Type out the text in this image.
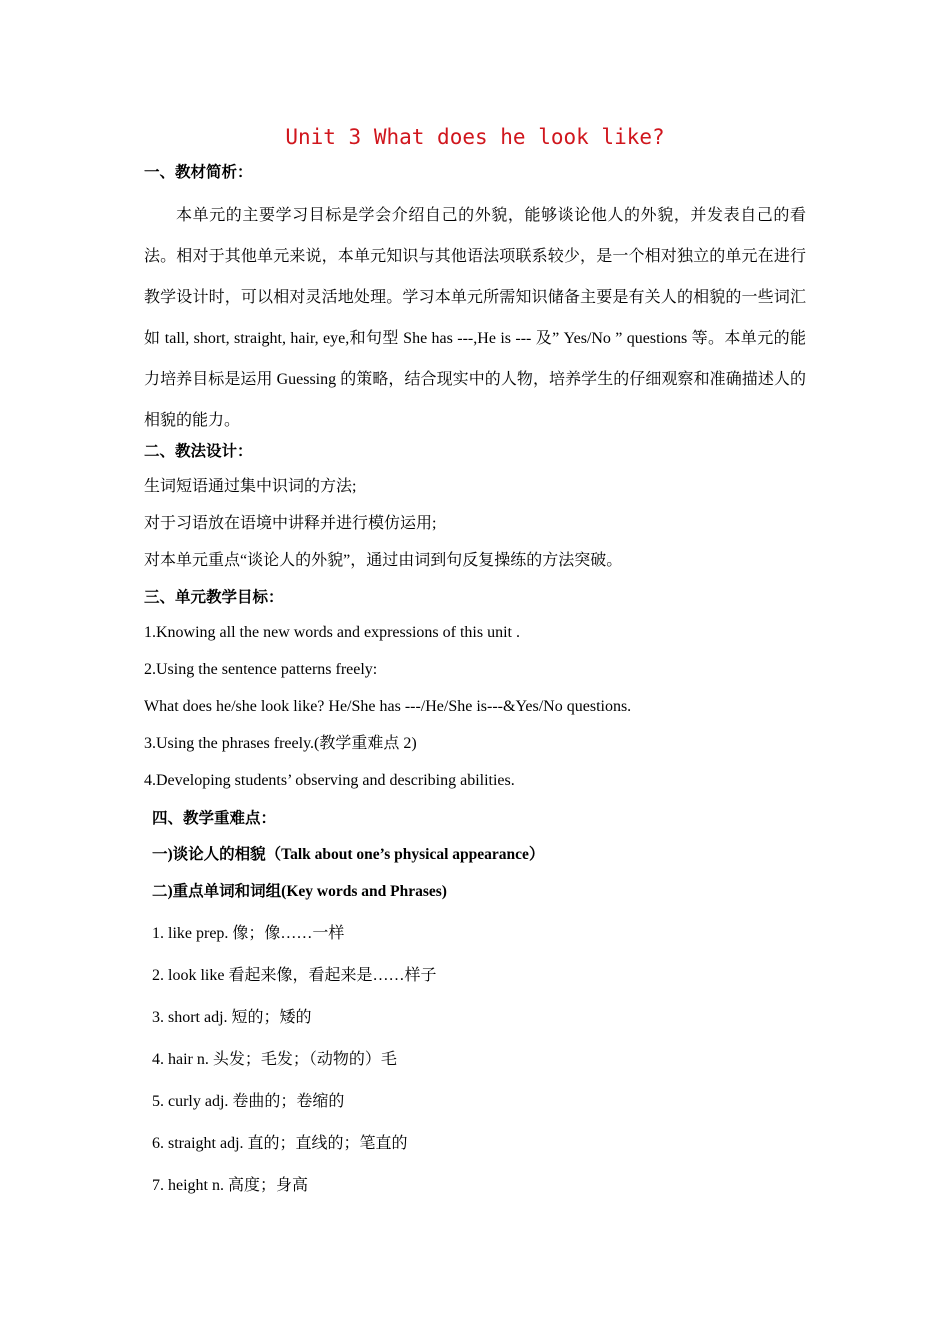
Unit 3 What does he look like?
一、教材简析：

本单元的主要学习目标是学会介绍自己的外貌，能够谈论他人的外貌，并发表自己的看法。相对于其他单元来说，本单元知识与其他语法项联系较少，是一个相对独立的单元在进行教学设计时，可以相对灵活地处理。学习本单元所需知识储备主要是有关人的相貌的一些词汇如 tall, short, straight, hair, eye,和句型 She has ---,He is --- 及” Yes/No ” questions 等。本单元的能力培养目标是运用 Guessing 的策略，结合现实中的人物，培养学生的仔细观察和准确描述人的相貌的能力。

二、教法设计：
生词短语通过集中识词的方法;
对于习语放在语境中讲释并进行模仿运用;
对本单元重点“谈论人的外貌”，通过由词到句反复操练的方法突破。
三、单元教学目标：
1.Knowing all the new words and expressions of this unit .
2.Using the sentence patterns freely:
What does he/she look like? He/She has ---/He/She is---&Yes/No questions.
3.Using the phrases freely.(教学重难点 2)
4.Developing students’ observing and describing abilities.
四、教学重难点：
一)谈论人的相貌（Talk about one’s physical appearance）
二)重点单词和词组(Key words and Phrases)
1. like prep. 像；像……一样
2. look like 看起来像，看起来是……样子
3. short adj. 短的；矮的
4. hair n. 头发；毛发；（动物的）毛
5. curly adj. 卷曲的；卷缩的
6. straight adj. 直的；直线的；笔直的
7. height n. 高度；身高
